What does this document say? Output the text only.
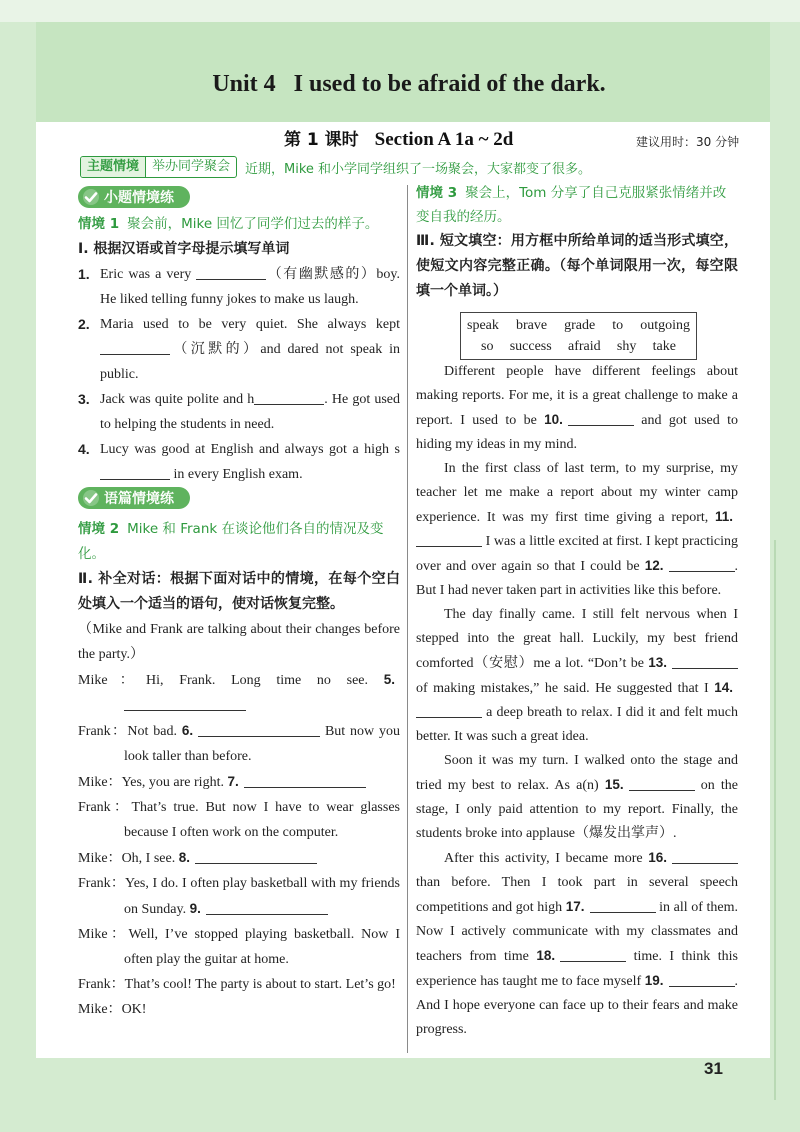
Unit 4   I used to be afraid of the dark.
第 1 课时 Section A 1a ~ 2d	建议用时：30 分钟
主题情境	举办同学聚会	近期，Mike 和小学同学组织了一场聚会，大家都变了很多。
小题情境练
情境 1 聚会前，Mike 回忆了同学们过去的样子。
Ⅰ. 根据汉语或首字母提示填写单词
1. Eric was a very	（有幽默感的）boy. He liked telling funny jokes to make us laugh.
2. Maria used to be very quiet. She always kept （沉默的）and dared not speak in public.
3. Jack was quite polite and h	. He got used to helping the students in need.
4. Lucy was good at English and always got a high s in every English exam.
语篇情境练
情境 2 Mike 和 Frank 在谈论他们各自的情况及变化。
Ⅱ. 补全对话：根据下面对话中的情境，在每个空白处填入一个适当的语句，使对话恢复完整。
（Mike and Frank are talking about their changes before the party.）
Mike：Hi, Frank. Long time no see. 5.
Frank：Not bad. 6.	But now you look taller than before.
Mike：Yes, you are right. 7.
Frank：That’s true. But now I have to wear glasses because I often work on the computer.
Mike：Oh, I see. 8.
Frank：Yes, I do. I often play basketball with my friends on Sunday. 9.
Mike：Well, I’ve stopped playing basketball. Now I often play the guitar at home.
Frank：That’s cool! The party is about to start. Let’s go!
Mike：OK!
情境 3 聚会上，Tom 分享了自己克服紧张情绪并改变自我的经历。
Ⅲ. 短文填空：用方框中所给单词的适当形式填空，使短文内容完整正确。（每个单词限用一次，每空限填一个单词。）
speak brave grade to outgoing
so success afraid shy take

Different people have different feelings about making reports. For me, it is a great challenge to make a report. I used to be 10.	and got used to hiding my ideas in my mind.

In the first class of last term, to my surprise, my teacher let me make a report about my winter camp experience. It was my first time giving a report, 11. I was a little excited at first. I kept practicing over and over again so that I could be 12.	. But I had never taken part in activities like this before.

The day finally came. I still felt nervous when I stepped into the great hall. Luckily, my best friend comforted（安慰）me a lot. “Don’t be 13. of making mistakes,” he said. He suggested that I 14. a deep breath to relax. I did it and felt much better. It was such a great idea.

Soon it was my turn. I walked onto the stage and tried my best to relax. As a(n) 15.	on the stage, I only paid attention to my report. Finally, the students broke into applause（爆发出掌声）.

After this activity, I became more 16. than before. Then I took part in several speech competitions and got high 17.	in all of them. Now I actively communicate with my classmates and teachers from time 18.	time. I think this experience has taught me to face myself 19.	. And I hope everyone can face up to their fears and make progress.

31
